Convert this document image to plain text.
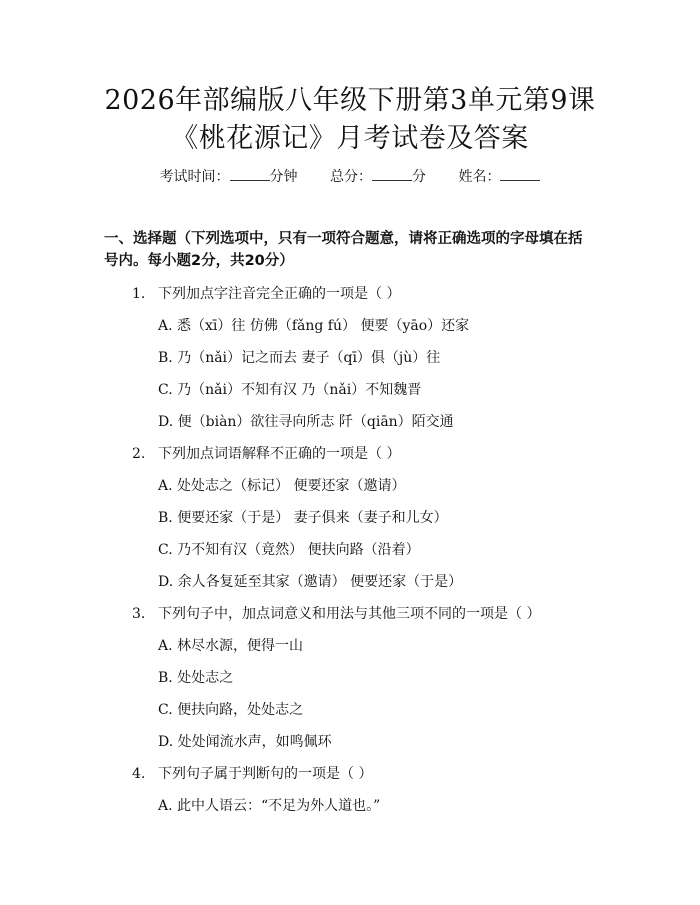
2026年部编版八年级下册第3单元第9课
《桃花源记》月考试卷及答案
考试时间：	分钟 总分：	分 姓名：
一、选择题（下列选项中，只有一项符合题意，请将正确选项的字母填在括号内。每小题2分，共20分）
1. 下列加点字注音完全正确的一项是（ ）
A. 悉（xī）往 仿佛（fǎng fú） 便要（yāo）还家
B. 乃（nǎi）记之而去 妻子（qī）俱（jù）往
C. 乃（nǎi）不知有汉 乃（nǎi）不知魏晋
D. 便（biàn）欲往寻向所志 阡（qiān）陌交通
2. 下列加点词语解释不正确的一项是（ ）
A. 处处志之（标记） 便要还家（邀请）
B. 便要还家（于是） 妻子俱来（妻子和儿女）
C. 乃不知有汉（竟然） 便扶向路（沿着）
D. 余人各复延至其家（邀请） 便要还家（于是）
3. 下列句子中，加点词意义和用法与其他三项不同的一项是（ ）
A. 林尽水源，便得一山
B. 处处志之
C. 便扶向路，处处志之
D. 处处闻流水声，如鸣佩环
4. 下列句子属于判断句的一项是（ ）
A. 此中人语云：“不足为外人道也。”
